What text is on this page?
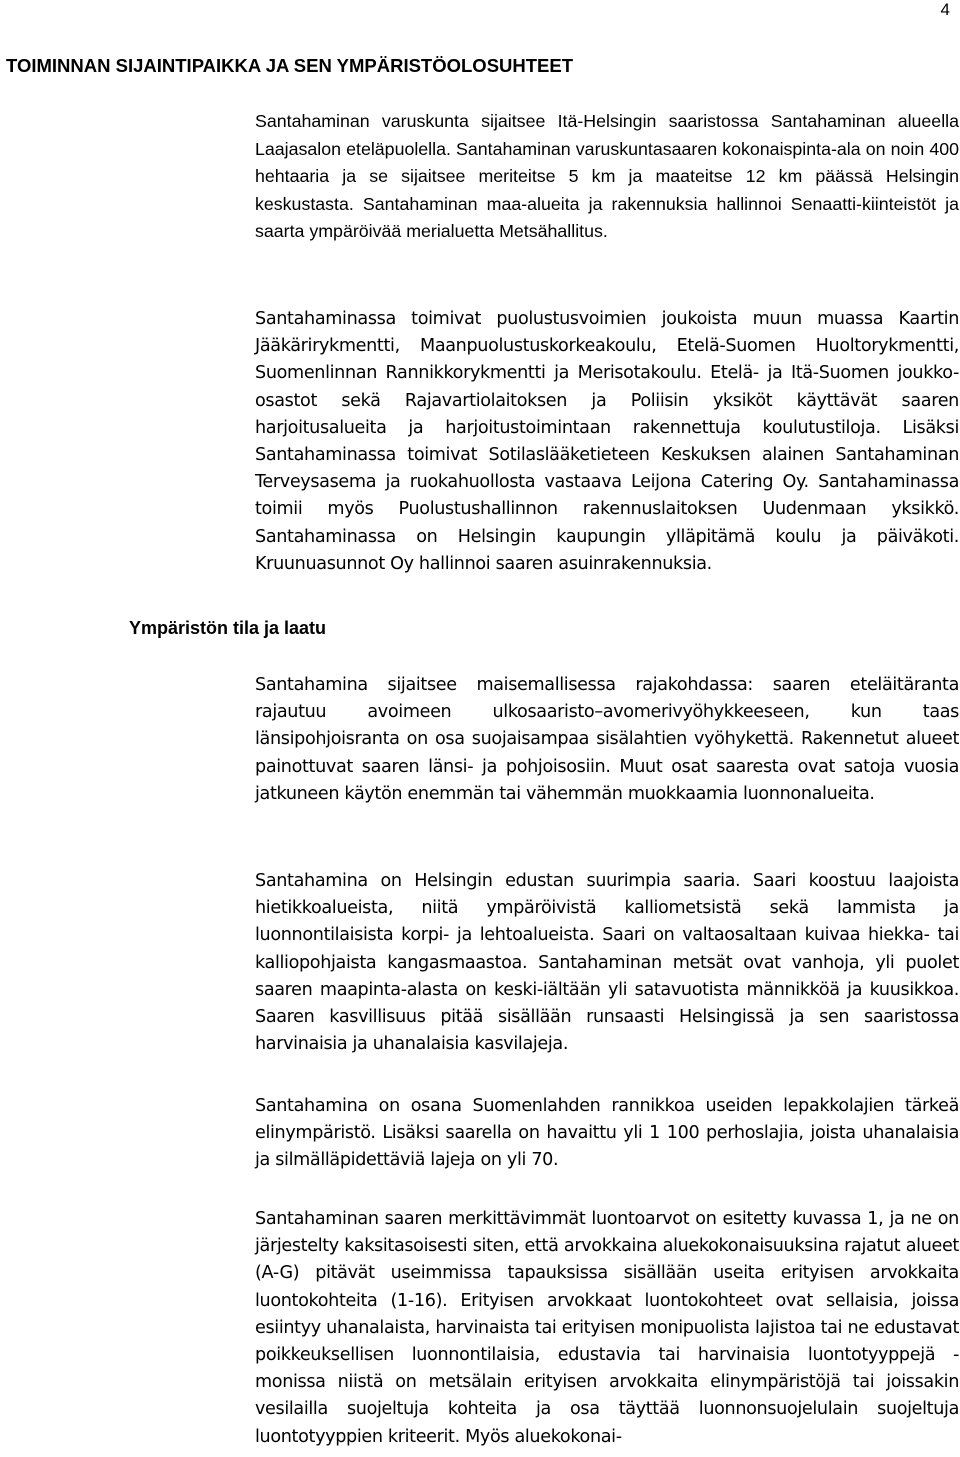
4
TOIMINNAN SIJAINTIPAIKKA JA SEN YMPÄRISTÖOLOSUHTEET

Santahaminan varuskunta sijaitsee Itä-Helsingin saaristossa Santahaminan alueella Laajasalon eteläpuolella. Santahaminan varuskuntasaaren kokonaispinta-ala on noin 400 hehtaaria ja se sijaitsee meriteitse 5 km ja maateitse 12 km päässä Helsingin keskustasta. Santahaminan maa-alueita ja rakennuksia hallinnoi Senaatti-kiinteistöt ja saarta ympäröivää merialuetta Metsähallitus.

Santahaminassa toimivat puolustusvoimien joukoista muun muassa Kaartin Jääkärirykmentti, Maanpuolustuskorkeakoulu, Etelä-Suomen Huoltorykmentti, Suomenlinnan Rannikkorykmentti ja Merisotakoulu. Etelä- ja Itä-Suomen joukko-osastot sekä Rajavartiolaitoksen ja Poliisin yksiköt käyttävät saaren harjoitusalueita ja harjoitustoimintaan rakennettuja koulutustiloja. Lisäksi Santahaminassa toimivat Sotilaslääketieteen Keskuksen alainen Santahaminan Terveysasema ja ruokahuollosta vastaava Leijona Catering Oy. Santahaminassa toimii myös Puolustushallinnon rakennuslaitoksen Uudenmaan yksikkö. Santahaminassa on Helsingin kaupungin ylläpitämä koulu ja päiväkoti. Kruunuasunnot Oy hallinnoi saaren asuinrakennuksia.

Ympäristön tila ja laatu

Santahamina sijaitsee maisemallisessa rajakohdassa: saaren eteläitäranta rajautuu avoimeen ulkosaaristo–avomerivyöhykkeeseen, kun taas länsipohjoisranta on osa suojaisampaa sisälahtien vyöhykettä. Rakennetut alueet painottuvat saaren länsi- ja pohjoisosiin. Muut osat saaresta ovat satoja vuosia jatkuneen käytön enemmän tai vähemmän muokkaamia luonnonalueita.

Santahamina on Helsingin edustan suurimpia saaria. Saari koostuu laajoista hietikkoalueista, niitä ympäröivistä kalliometsistä sekä lammista ja luonnontilaisista korpi- ja lehtoalueista. Saari on valtaosaltaan kuivaa hiekka- tai kalliopohjaista kangasmaastoa. Santahaminan metsät ovat vanhoja, yli puolet saaren maapinta-alasta on keski-iältään yli satavuotista männikköä ja kuusikkoa. Saaren kasvillisuus pitää sisällään runsaasti Helsingissä ja sen saaristossa harvinaisia ja uhanalaisia kasvilajeja.

Santahamina on osana Suomenlahden rannikkoa useiden lepakkolajien tärkeä elinympäristö. Lisäksi saarella on havaittu yli 1 100 perhoslajia, joista uhanalaisia ja silmälläpidettäviä lajeja on yli 70.

Santahaminan saaren merkittävimmät luontoarvot on esitetty kuvassa 1, ja ne on järjestelty kaksitasoisesti siten, että arvokkaina aluekokonaisuuksina rajatut alueet (A-G) pitävät useimmissa tapauksissa sisällään useita erityisen arvokkaita luontokohteita (1-16). Erityisen arvokkaat luontokohteet ovat sellaisia, joissa esiintyy uhanalaista, harvinaista tai erityisen monipuolista lajistoa tai ne edustavat poikkeuksellisen luonnontilaisia, edustavia tai harvinaisia luontotyyppejä - monissa niistä on metsälain erityisen arvokkaita elinympäristöjä tai joissakin vesilailla suojeltuja kohteita ja osa täyttää luonnonsuojelulain suojeltuja luontotyyppien kriteerit. Myös aluekokonai-
